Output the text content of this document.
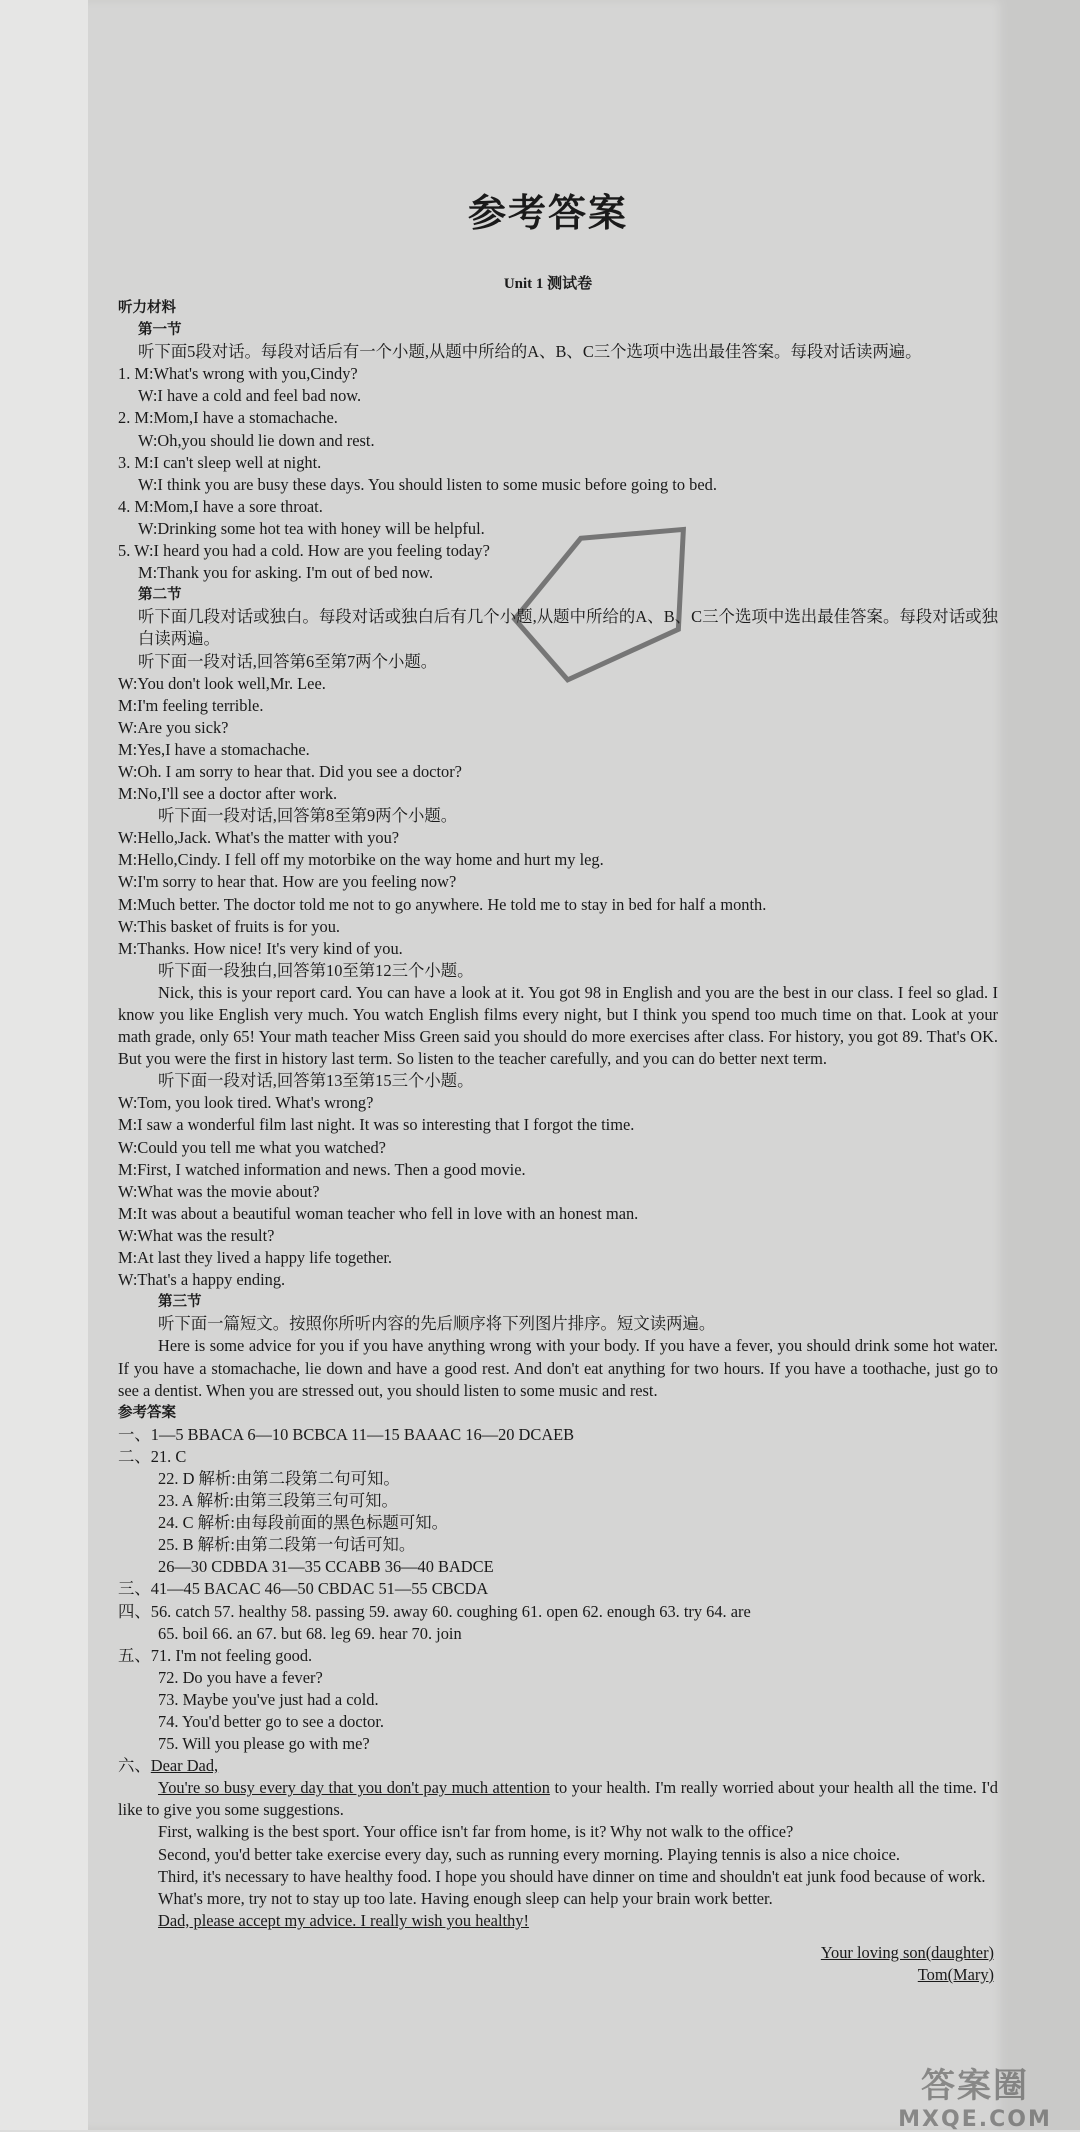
参考答案
Unit 1 测试卷

听力材料

第一节

听下面5段对话。每段对话后有一个小题,从题中所给的A、B、C三个选项中选出最佳答案。每段对话读两遍。

1. M:What's wrong with you,Cindy?

W:I have a cold and feel bad now.

2. M:Mom,I have a stomachache.

W:Oh,you should lie down and rest.

3. M:I can't sleep well at night.

W:I think you are busy these days. You should listen to some music before going to bed.

4. M:Mom,I have a sore throat.

W:Drinking some hot tea with honey will be helpful.

5. W:I heard you had a cold. How are you feeling today?

M:Thank you for asking. I'm out of bed now.

第二节

听下面几段对话或独白。每段对话或独白后有几个小题,从题中所给的A、B、C三个选项中选出最佳答案。每段对话或独白读两遍。

听下面一段对话,回答第6至第7两个小题。

W:You don't look well,Mr. Lee.

M:I'm feeling terrible.

W:Are you sick?

M:Yes,I have a stomachache.

W:Oh. I am sorry to hear that. Did you see a doctor?

M:No,I'll see a doctor after work.

听下面一段对话,回答第8至第9两个小题。

W:Hello,Jack. What's the matter with you?

M:Hello,Cindy. I fell off my motorbike on the way home and hurt my leg.

W:I'm sorry to hear that. How are you feeling now?

M:Much better. The doctor told me not to go anywhere. He told me to stay in bed for half a month.

W:This basket of fruits is for you.

M:Thanks. How nice! It's very kind of you.

听下面一段独白,回答第10至第12三个小题。

Nick, this is your report card. You can have a look at it. You got 98 in English and you are the best in our class. I feel so glad. I know you like English very much. You watch English films every night, but I think you spend too much time on that. Look at your math grade, only 65! Your math teacher Miss Green said you should do more exercises after class. For history, you got 89. That's OK. But you were the first in history last term. So listen to the teacher carefully, and you can do better next term.

听下面一段对话,回答第13至第15三个小题。

W:Tom, you look tired. What's wrong?

M:I saw a wonderful film last night. It was so interesting that I forgot the time.

W:Could you tell me what you watched?

M:First, I watched information and news. Then a good movie.

W:What was the movie about?

M:It was about a beautiful woman teacher who fell in love with an honest man.

W:What was the result?

M:At last they lived a happy life together.

W:That's a happy ending.

第三节

听下面一篇短文。按照你所听内容的先后顺序将下列图片排序。短文读两遍。

Here is some advice for you if you have anything wrong with your body. If you have a fever, you should drink some hot water. If you have a stomachache, lie down and have a good rest. And don't eat anything for two hours. If you have a toothache, just go to see a dentist. When you are stressed out, you should listen to some music and rest.

参考答案

一、1—5 BBACA 6—10 BCBCA 11—15 BAAAC 16—20 DCAEB

二、21. C

22. D 解析:由第二段第二句可知。

23. A 解析:由第三段第三句可知。

24. C 解析:由每段前面的黑色标题可知。

25. B 解析:由第二段第一句话可知。

26—30 CDBDA 31—35 CCABB 36—40 BADCE

三、41—45 BACAC 46—50 CBDAC 51—55 CBCDA

四、56. catch 57. healthy 58. passing 59. away 60. coughing 61. open 62. enough 63. try 64. are

65. boil 66. an 67. but 68. leg 69. hear 70. join

五、71. I'm not feeling good.

72. Do you have a fever?

73. Maybe you've just had a cold.

74. You'd better go to see a doctor.

75. Will you please go with me?

六、Dear Dad,

You're so busy every day that you don't pay much attention to your health. I'm really worried about your health all the time. I'd like to give you some suggestions.

First, walking is the best sport. Your office isn't far from home, is it? Why not walk to the office?

Second, you'd better take exercise every day, such as running every morning. Playing tennis is also a nice choice.

Third, it's necessary to have healthy food. I hope you should have dinner on time and shouldn't eat junk food because of work.

What's more, try not to stay up too late. Having enough sleep can help your brain work better.

Dad, please accept my advice. I really wish you healthy!

Your loving son(daughter)

Tom(Mary)

答案圈
MXQE.COM
